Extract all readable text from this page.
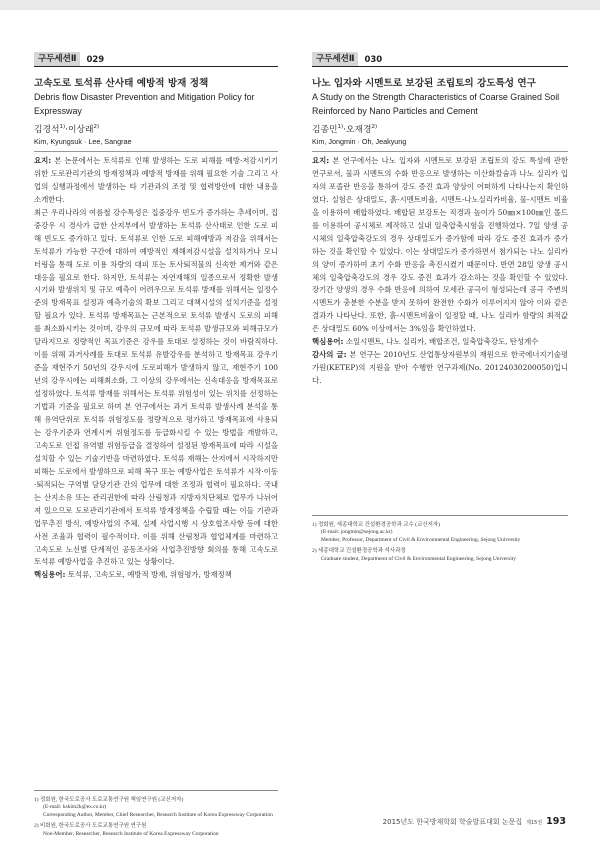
구두세션Ⅱ	029
고속도로 토석류 산사태 예방적 방재 정책
Debris flow Disaster Prevention and Mitigation Policy for Expressway
김경석$^{1)}$·이상래$^{2)}$
Kim, Kyungsuk · Lee, Sangrae

요지: 본 논문에서는 토석류로 인해 발생하는 도로 피해를 예방·저감시키기 위한 도로관리기관의 방재정책과 예방적 방재를 위해 필요한 기술 그리고 사업의 실행과정에서 발생하는 타 기관과의 조정 및 협력방안에 대한 내용을 소개한다.

최근 우리나라의 여름철 강수특성은 집중강우 빈도가 증가하는 추세이며, 집중강우 시 경사가 급한 산지부에서 발생하는 토석류 산사태로 인한 도로 피해 빈도도 증가하고 있다. 토석류로 인한 도로 피해예방과 저감을 위해서는 토석류가 가능한 구간에 대하여 예방적인 재해저감시설을 설치하거나 모니터링을 통해 도로 이용 차량의 대피 또는 토사퇴적물의 신속한 제거와 같은 대응을 필요로 한다. 하지만, 토석류는 자연재해의 일종으로서 정확한 발생시기와 발생위치 및 규모 예측이 어려우므로 토석류 방재를 위해서는 일정수준의 방재목표 설정과 예측기술의 확보 그리고 대책시설의 설치기준을 설정할 필요가 있다. 토석류 방재목표는 근본적으로 토석류 발생시 도로의 피해를 최소화시키는 것이며, 강우의 규모에 따라 토석류 발생규모와 피해규모가 달라지므로 정량적인 목표기준은 강우를 토대로 설정하는 것이 바람직하다. 이를 위해 과거사례를 토대로 토석류 유발강우를 분석하고 방재목표 강우기준을 재현주기 50년의 강우시에 도로피해가 발생하지 않고, 재현주기 100년의 강우시에는 피해최소화, 그 이상의 강우에서는 신속대응을 방재목표로 설정하였다. 토석류 방재를 위해서는 토석류 위험성이 있는 위치를 선정하는 기법과 기준을 필요로 하며 본 연구에서는 과거 토석류 발생사례 분석을 통해 유역단위로 토석류 위험정도를 정량적으로 평가하고 방재목표에 사용되는 강우기준과 연계시켜 위험정도를 등급화시킬 수 있는 방법을 개발하고, 고속도로 인접 유역별 위험등급을 결정하여 설정된 방재목표에 따라 시설을 설치할 수 있는 기술기반을 마련하였다. 토석류 재해는 산지에서 시작하지만 피해는 도로에서 발생하므로 피해 복구 또는 예방사업은 토석류가 시작·이동·퇴적되는 구역별 담당기관 간의 업무에 대한 조정과 협력이 필요하다. 국내는 산지소유 또는 관리권한에 따라 산림청과 지방자치단체로 업무가 나뉘어져 있으므로 도로관리기관에서 토석류 방재정책을 수립할 때는 이들 기관과 업무추진 방식, 예방사업의 주체, 실제 사업시행 시 상호협조사항 등에 대한 사전 조율과 협력이 필수적이다. 이를 위해 산림청과 협업체계를 마련하고 고속도로 노선별 단계적인 공동조사와 사업추진방향 회의를 통해 고속도로 토석류 예방사업을 추진하고 있는 상황이다.

핵심용어: 토석류, 고속도로, 예방적 방재, 위험평가, 방재정책

1) 정회원, 한국도로공사 도로교통연구원 책임연구원 (교신저자)
(E-mail: kskim2k@ex.co.kr)
Corresponding Author, Member, Chief Researcher, Research Institute of Korea Expressway Corporation
2) 비회원, 한국도로공사 도로교통연구원 연구원
Non-Member, Researcher, Research Institute of Korea Expressway Corporation
구두세션Ⅱ	030
나노 입자와 시멘트로 보강된 조립토의 강도특성 연구
A Study on the Strength Characteristics of Coarse Grained Soil Reinforced by Nano Particles and Cement
김종민$^{1)}$·오재경$^{2)}$
Kim, Jongmin · Oh, Jeakyung

요지: 본 연구에서는 나노 입자와 시멘트로 보강된 조립토의 강도 특성에 관한 연구로서, 물과 시멘트의 수화 반응으로 발생하는 이산화칼슘과 나노 실리카 입자의 포졸란 반응을 통하여 강도 증진 효과 양상이 어떠하게 나타나는지 확인하였다. 실험은 상대밀도, 흙-시멘트비율, 시멘트-나노실리카비율, 물-시멘트 비율을 이용하여 배합하였다. 배합된 보강토는 직경과 높이가 50㎜×100㎜인 몰드를 이용하여 공시체로 제작하고 실내 일축압축시험을 진행하였다. 7일 양생 공시체의 일축압축강도의 경우 상대밀도가 증가함에 따라 강도 증진 효과가 증가하는 것을 확인할 수 있었다. 이는 상대밀도가 증가하면서 첨가되는 나노 실리카의 양이 증가하여 초기 수화 반응을 촉진시켰기 때문이다. 반면 28일 양생 공시체의 일축압축강도의 경우 강도 증진 효과가 감소하는 것을 확인할 수 있었다. 장기간 양생의 경우 수화 반응에 의하여 모세관 공극이 형성되는데 공극 주변의 시멘트가 충분한 수분을 받지 못하여 완전한 수화가 이루어지지 않아 이와 같은 결과가 나타난다. 또한, 흙-시멘트비율이 일정할 때, 나노 실리카 함량의 최적값은 상대밀도 60% 이상에서는 3%임을 확인하였다.

핵심용어: 소일시멘트, 나노 실리카, 배합조건, 일축압축강도, 탄성계수

감사의 글: 본 연구는 2010년도 산업통상자원부의 재원으로 한국에너지기술평가원(KETEP)의 지원을 받아 수행한 연구과제(No. 20124030200050)입니다.

1) 정회원, 세종대학교 건설환경공학과 교수 (교신저자)
(E-mail: jongmin@sejong.ac.kr)
Member, Professor, Department of Civil & Environmental Engineering, Sejong University
2) 세종대학교 건설환경공학과 석사과정
Graduate student, Department of Civil & Environmental Engineering, Sejong University
2015년도 한국방재학회 학술발표대회 논문집 제15권 193
